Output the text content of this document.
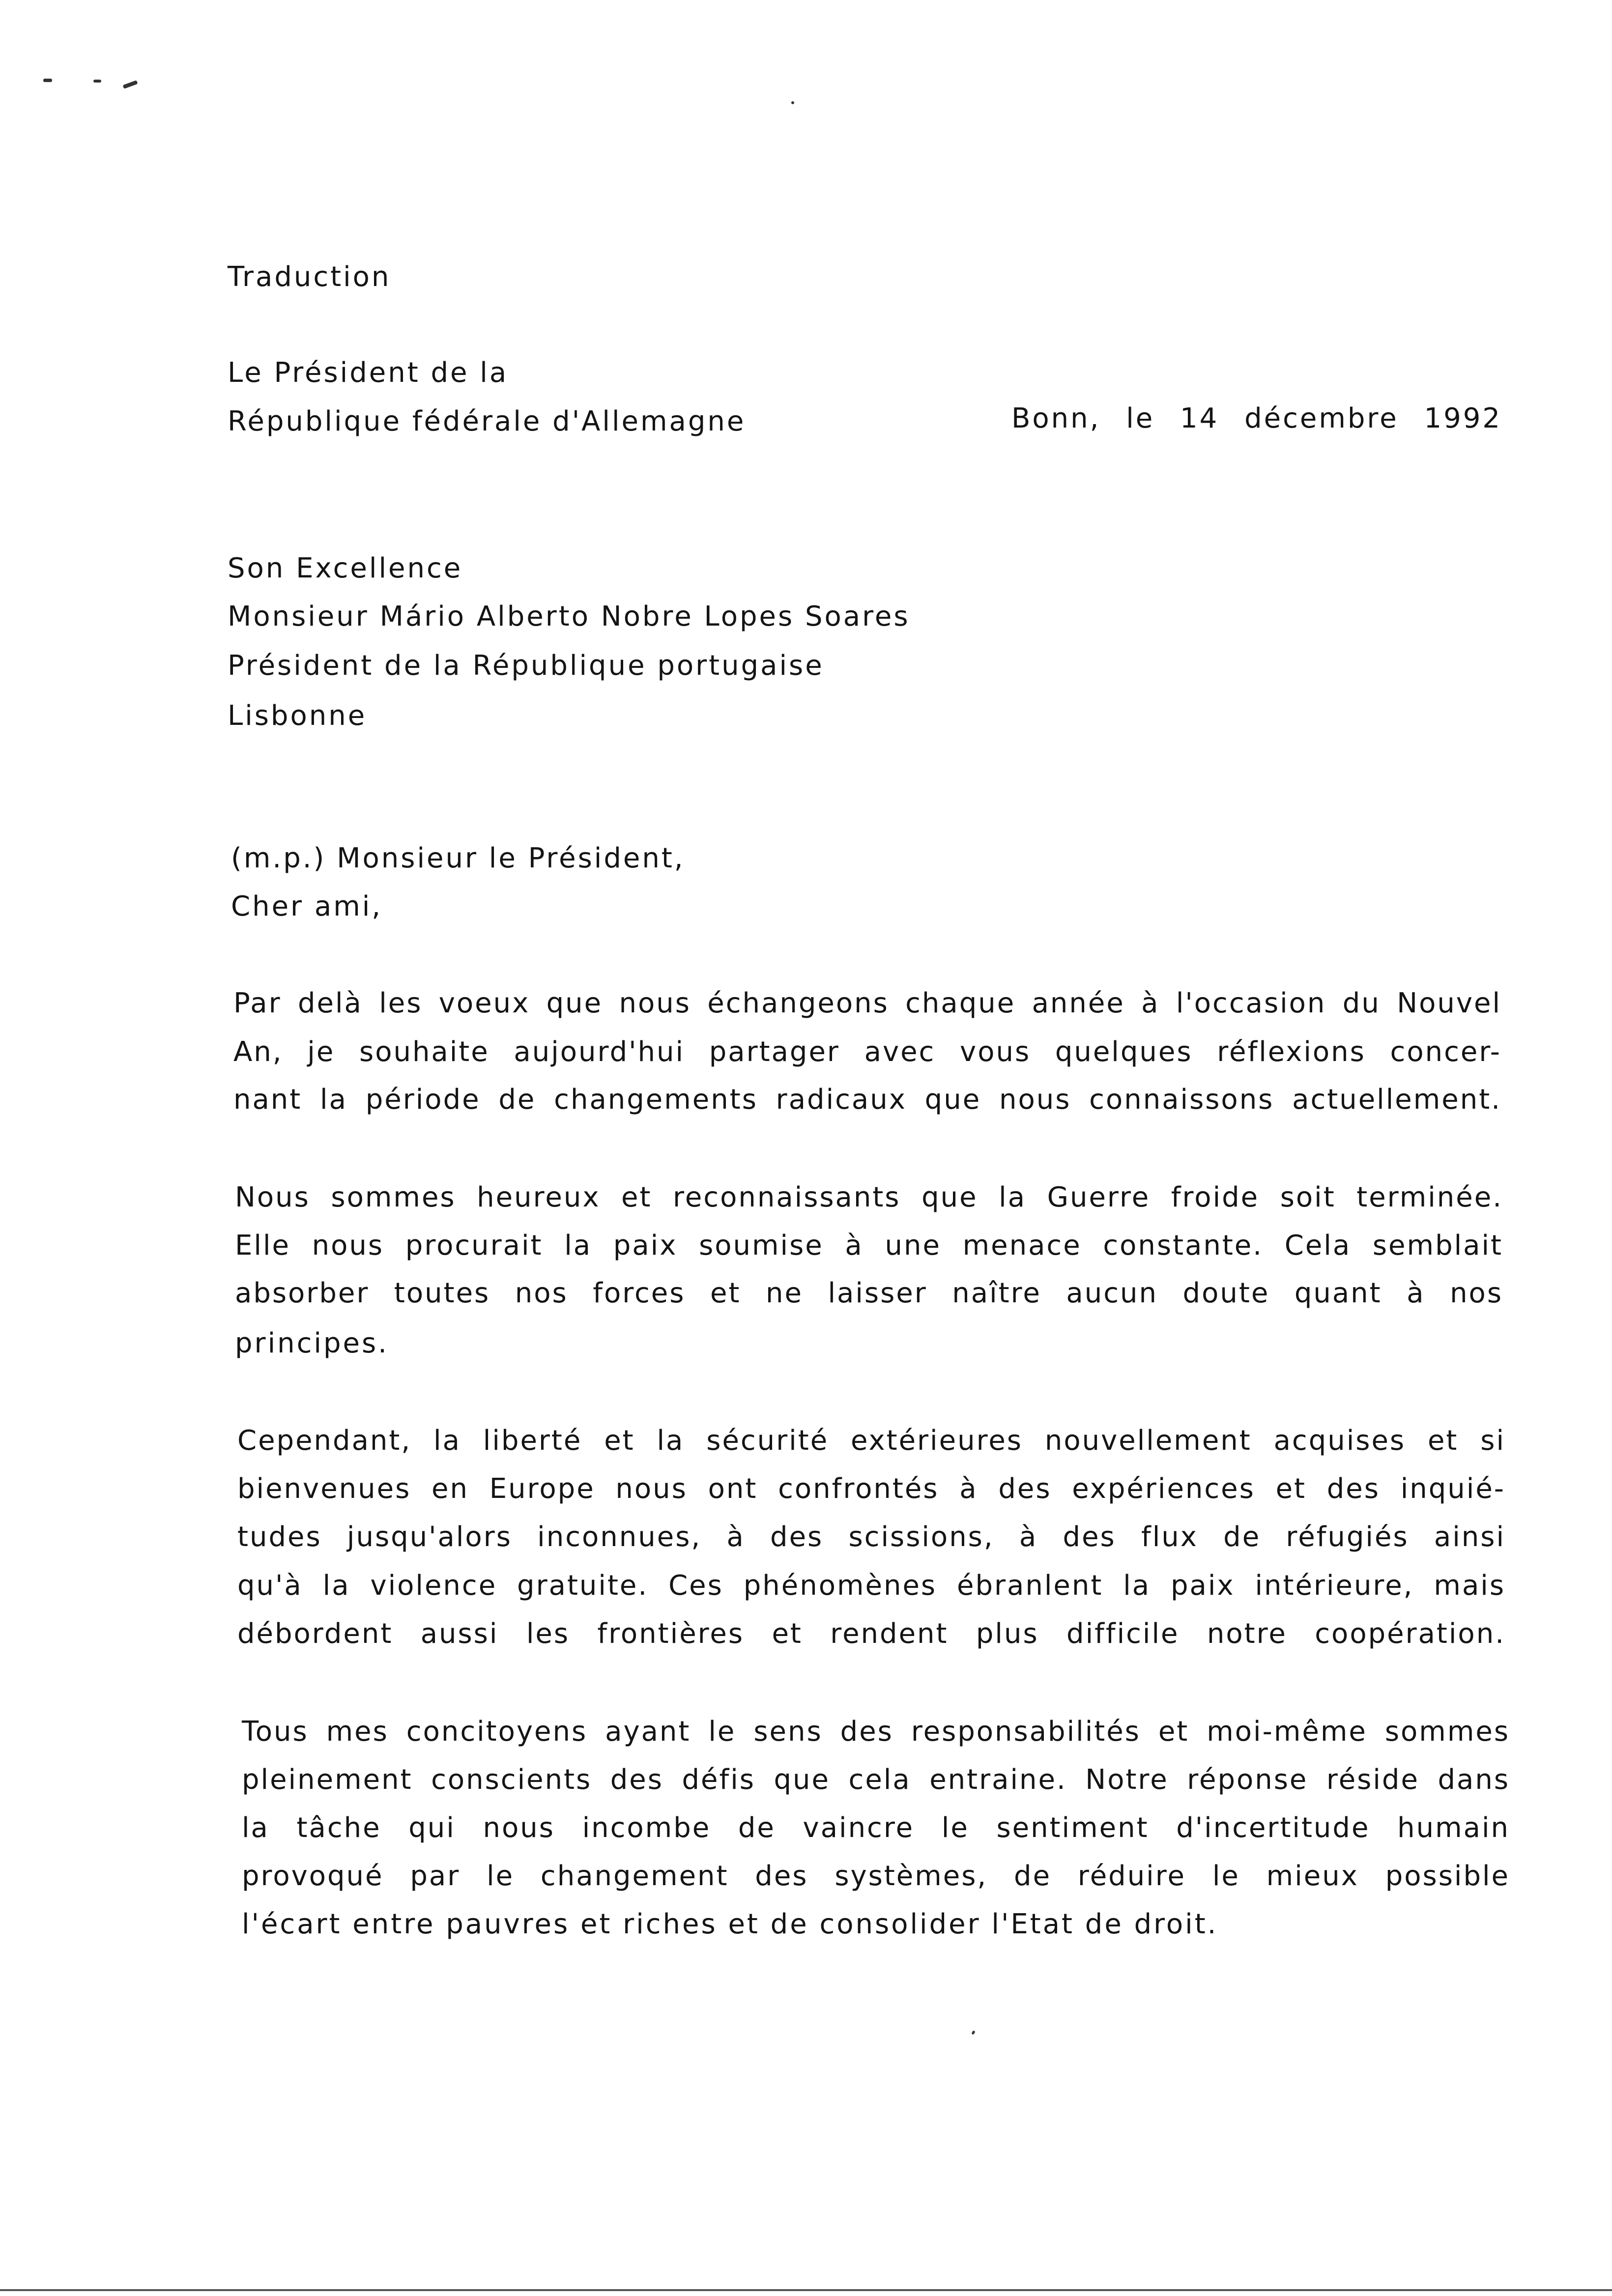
Traduction
Le Président de la
République fédérale d'Allemagne	Bonn, le 14 décembre 1992
Son Excellence
Monsieur Mário Alberto Nobre Lopes Soares
Président de la République portugaise
Lisbonne
(m.p.) Monsieur le Président,
Cher ami,
Par delà les voeux que nous échangeons chaque année à l'occasion du Nouvel
An, je souhaite aujourd'hui partager avec vous quelques réflexions concer-
nant la période de changements radicaux que nous connaissons actuellement.
Nous sommes heureux et reconnaissants que la Guerre froide soit terminée.
Elle nous procurait la paix soumise à une menace constante. Cela semblait
absorber toutes nos forces et ne laisser naître aucun doute quant à nos
principes.
Cependant, la liberté et la sécurité extérieures nouvellement acquises et si
bienvenues en Europe nous ont confrontés à des expériences et des inquié-
tudes jusqu'alors inconnues, à des scissions, à des flux de réfugiés ainsi
qu'à la violence gratuite. Ces phénomènes ébranlent la paix intérieure, mais
débordent aussi les frontières et rendent plus difficile notre coopération.
Tous mes concitoyens ayant le sens des responsabilités et moi-même sommes
pleinement conscients des défis que cela entraine. Notre réponse réside dans
la tâche qui nous incombe de vaincre le sentiment d'incertitude humain
provoqué par le changement des systèmes, de réduire le mieux possible
l'écart entre pauvres et riches et de consolider l'Etat de droit.
